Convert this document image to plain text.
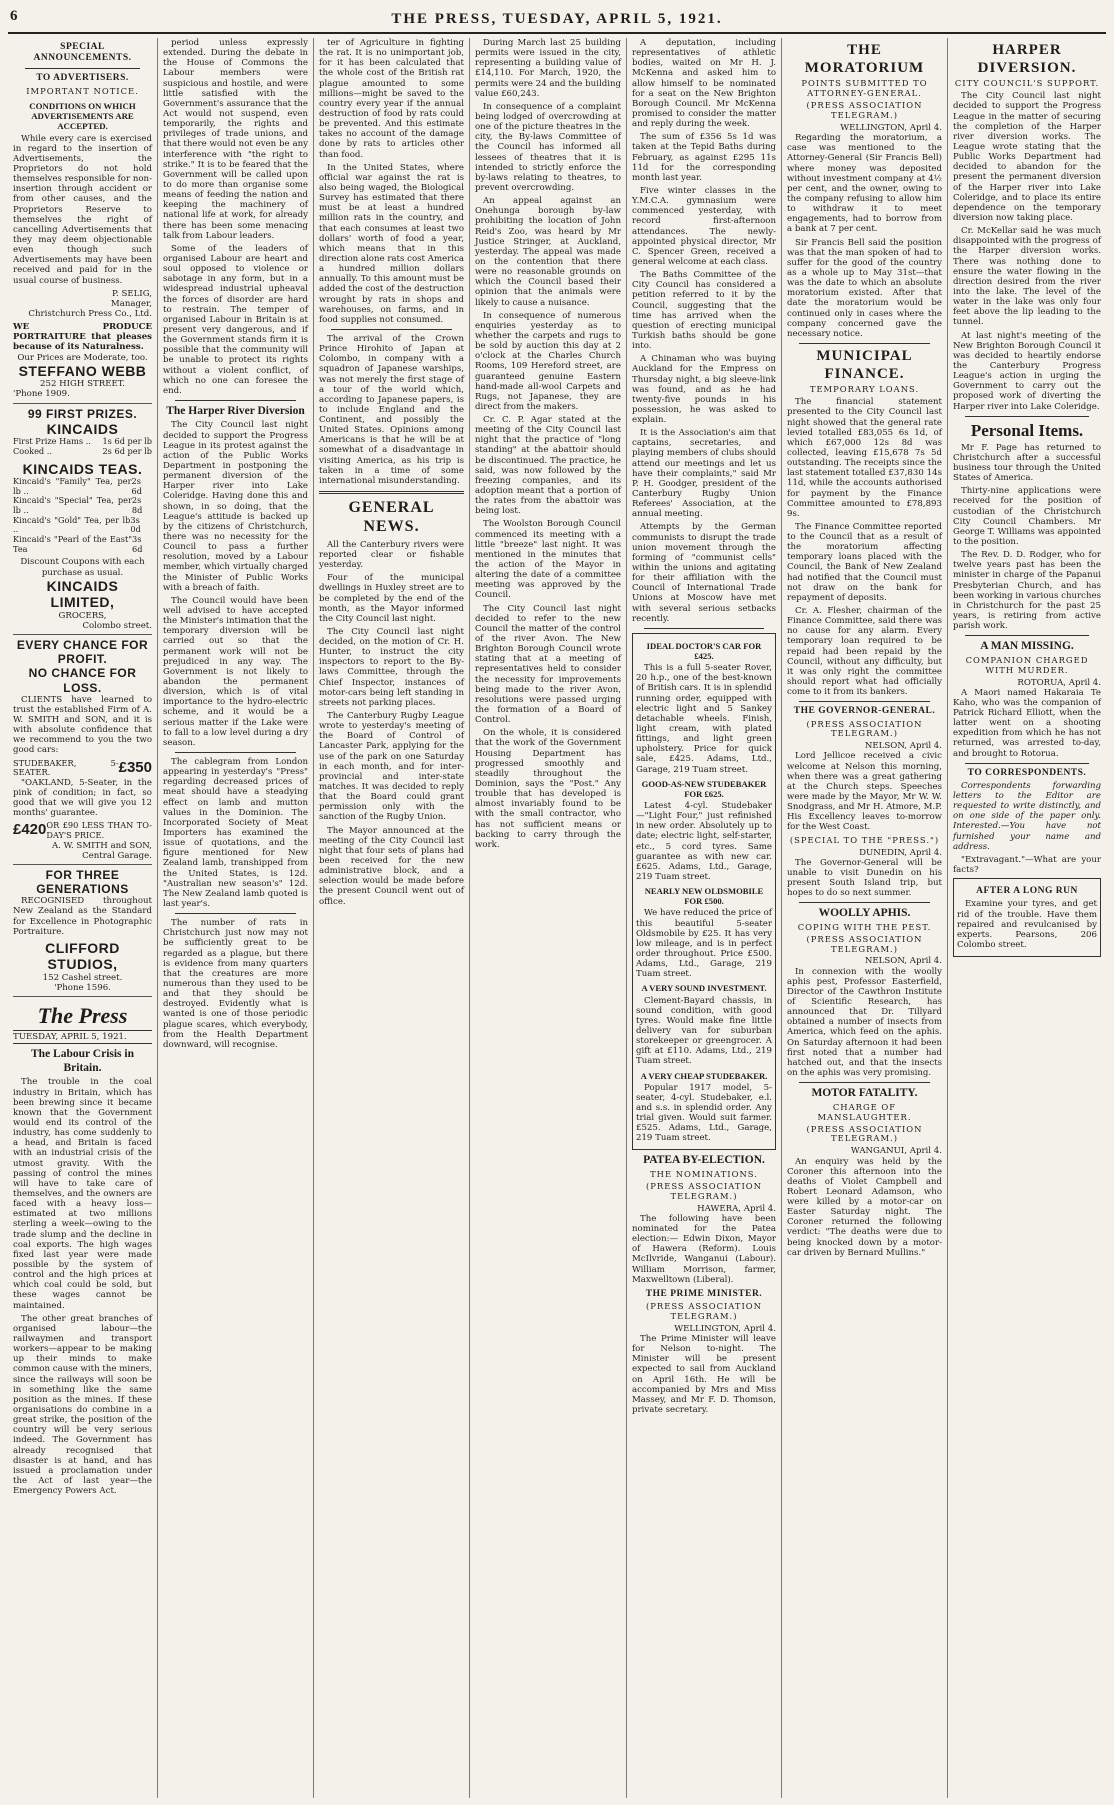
6	THE PRESS, TUESDAY, APRIL 5, 1921.
SPECIAL ANNOUNCEMENTS.
TO ADVERTISERS.
IMPORTANT NOTICE.
CONDITIONS ON WHICH ADVERTISEMENTS ARE ACCEPTED.

While every care is exercised in regard to the insertion of Advertisements, the Proprietors do not hold themselves responsible for non-insertion through accident or from other causes, and the Proprietors Reserve to themselves the right of cancelling Advertisements that they may deem objectionable even though such Advertisements may have been received and paid for in the usual course of business.

P. SELIG,
Manager,
Christchurch Press Co., Ltd.
WE PRODUCE PORTRAITURE that pleases because of its Naturalness.
Our Prices are Moderate, too.
STEFFANO WEBB
252 HIGH STREET.
'Phone 1909.
99 FIRST PRIZES.
KINCAIDS
First Prize Hams .. 1s 6d per lb
Cooked ..	2s 6d per lb
KINCAIDS TEAS.
Kincaid's "Family" Tea, per lb ..
2s 6d
Kincaid's "Special" Tea, per lb ..
2s 8d
Kincaid's "Gold" Tea, per lb ..
3s 0d
Kincaid's "Pearl of the East" Tea
3s 6d
Discount Coupons with each purchase as usual.
KINCAIDS LIMITED,
GROCERS,
Colombo street.
EVERY CHANCE FOR PROFIT.
NO CHANCE FOR LOSS.

CLIENTS have learned to trust the established Firm of A. W. SMITH and SON, and it is with absolute confidence that we recommend to you the two good cars:

STUDEBAKER, 5-SEATER.	£350

"OAKLAND, 5-Seater, in the pink of condition; in fact, so good that we will give you 12 months' guarantee.

£420 OR £90 LESS THAN TO-DAY'S PRICE.
A. W. SMITH and SON,
Central Garage.
FOR THREE GENERATIONS

RECOGNISED throughout New Zealand as the Standard for Excellence in Photographic Portraiture.

CLIFFORD STUDIOS,
152 Cashel street.
'Phone 1596.
The Press
TUESDAY, APRIL 5, 1921.
The Labour Crisis in Britain.

The trouble in the coal industry in Britain, which has been brewing since it became known that the Government would end its control of the industry, has come suddenly to a head, and Britain is faced with an industrial crisis of the utmost gravity. With the passing of control the mines will have to take care of themselves, and the owners are faced with a heavy loss—estimated at two millions sterling a week—owing to the trade slump and the decline in coal exports. The high wages fixed last year were made possible by the system of control and the high prices at which coal could be sold, but these wages cannot be maintained.

The other great branches of organised labour—the railwaymen and transport workers—appear to be making up their minds to make common cause with the miners, since the railways will soon be in something like the same position as the mines. If these organisations do combine in a great strike, the position of the country will be very serious indeed. The Government has already recognised that disaster is at hand, and has issued a proclamation under the Act of last year—the Emergency Powers Act.

period unless expressly extended. During the debate in the House of Commons the Labour members were suspicious and hostile, and were little satisfied with the Government's assurance that the Act would not suspend, even temporarily, the rights and privileges of trade unions, and that there would not even be any interference with "the right to strike." It is to be feared that the Government will be called upon to do more than organise some means of feeding the nation and keeping the machinery of national life at work, for already there has been some menacing talk from Labour leaders.

Some of the leaders of organised Labour are heart and soul opposed to violence or sabotage in any form, but in a widespread industrial upheaval the forces of disorder are hard to restrain. The temper of organised Labour in Britain is at present very dangerous, and if the Government stands firm it is possible that the community will be unable to protect its rights without a violent conflict, of which no one can foresee the end.

The Harper River Diversion

The City Council last night decided to support the Progress League in its protest against the action of the Public Works Department in postponing the permanent diversion of the Harper river into Lake Coleridge. Having done this and shown, in so doing, that the League's attitude is backed up by the citizens of Christchurch, there was no necessity for the Council to pass a further resolution, moved by a Labour member, which virtually charged the Minister of Public Works with a breach of faith.

The Council would have been well advised to have accepted the Minister's intimation that the temporary diversion will be carried out so that the permanent work will not be prejudiced in any way. The Government is not likely to abandon the permanent diversion, which is of vital importance to the hydro-electric scheme, and it would be a serious matter if the Lake were to fall to a low level during a dry season.

The cablegram from London appearing in yesterday's "Press" regarding decreased prices of meat should have a steadying effect on lamb and mutton values in the Dominion. The Incorporated Society of Meat Importers has examined the issue of quotations, and the figure mentioned for New Zealand lamb, transhipped from the United States, is 12d. "Australian new season's" 12d. The New Zealand lamb quoted is last year's.

The number of rats in Christchurch just now may not be sufficiently great to be regarded as a plague, but there is evidence from many quarters that the creatures are more numerous than they used to be and that they should be destroyed. Evidently what is wanted is one of those periodic plague scares, which everybody, from the Health Department downward, will recognise.

ter of Agriculture in fighting the rat. It is no unimportant job, for it has been calculated that the whole cost of the British rat plague amounted to some millions—might be saved to the country every year if the annual destruction of food by rats could be prevented. And this estimate takes no account of the damage done by rats to articles other than food.

In the United States, where official war against the rat is also being waged, the Biological Survey has estimated that there must be at least a hundred million rats in the country, and that each consumes at least two dollars' worth of food a year, which means that in this direction alone rats cost America a hundred million dollars annually. To this amount must be added the cost of the destruction wrought by rats in shops and warehouses, on farms, and in food supplies not consumed.

The arrival of the Crown Prince Hirohito of Japan at Colombo, in company with a squadron of Japanese warships, was not merely the first stage of a tour of the world which, according to Japanese papers, is to include England and the Continent, and possibly the United States. Opinions among Americans is that he will be at somewhat of a disadvantage in visiting America, as his trip is taken in a time of some international misunderstanding.

GENERAL NEWS.

All the Canterbury rivers were reported clear or fishable yesterday.

Four of the municipal dwellings in Huxley street are to be completed by the end of the month, as the Mayor informed the City Council last night.

The City Council last night decided, on the motion of Cr. H. Hunter, to instruct the city inspectors to report to the By-laws Committee, through the Chief Inspector, instances of motor-cars being left standing in streets not parking places.

The Canterbury Rugby League wrote to yesterday's meeting of the Board of Control of Lancaster Park, applying for the use of the park on one Saturday in each month, and for inter-provincial and inter-state matches. It was decided to reply that the Board could grant permission only with the sanction of the Rugby Union.

The Mayor announced at the meeting of the City Council last night that four sets of plans had been received for the new administrative block, and a selection would be made before the present Council went out of office.

During March last 25 building permits were issued in the city, representing a building value of £14,110. For March, 1920, the permits were 24 and the building value £60,243.

In consequence of a complaint being lodged of overcrowding at one of the picture theatres in the city, the By-laws Committee of the Council has informed all lessees of theatres that it is intended to strictly enforce the by-laws relating to theatres, to prevent overcrowding.

An appeal against an Onehunga borough by-law prohibiting the location of John Reid's Zoo, was heard by Mr Justice Stringer, at Auckland, yesterday. The appeal was made on the contention that there were no reasonable grounds on which the Council based their opinion that the animals were likely to cause a nuisance.

In consequence of numerous enquiries yesterday as to whether the carpets and rugs to be sold by auction this day at 2 o'clock at the Charles Church Rooms, 109 Hereford street, are guaranteed genuine Eastern hand-made all-wool Carpets and Rugs, not Japanese, they are direct from the makers.

Cr. C. P. Agar stated at the meeting of the City Council last night that the practice of "long standing" at the abattoir should be discontinued. The practice, he said, was now followed by the freezing companies, and its adoption meant that a portion of the rates from the abattoir was being lost.

The Woolston Borough Council commenced its meeting with a little "breeze" last night. It was mentioned in the minutes that the action of the Mayor in altering the date of a committee meeting was approved by the Council.

The City Council last night decided to refer to the new Council the matter of the control of the river Avon. The New Brighton Borough Council wrote stating that at a meeting of representatives held to consider the necessity for improvements being made to the river Avon, resolutions were passed urging the formation of a Board of Control.

On the whole, it is considered that the work of the Government Housing Department has progressed smoothly and steadily throughout the Dominion, says the "Post." Any trouble that has developed is almost invariably found to be with the small contractor, who has not sufficient means or backing to carry through the work.

A deputation, including representatives of athletic bodies, waited on Mr H. J. McKenna and asked him to allow himself to be nominated for a seat on the New Brighton Borough Council. Mr McKenna promised to consider the matter and reply during the week.

The sum of £356 5s 1d was taken at the Tepid Baths during February, as against £295 11s 11d for the corresponding month last year.

Five winter classes in the Y.M.C.A. gymnasium were commenced yesterday, with record first-afternoon attendances. The newly-appointed physical director, Mr C. Spencer Green, received a general welcome at each class.

The Baths Committee of the City Council has considered a petition referred to it by the Council, suggesting that the time has arrived when the question of erecting municipal Turkish baths should be gone into.

A Chinaman who was buying Auckland for the Empress on Thursday night, a big sleeve-link was found, and as he had twenty-five pounds in his possession, he was asked to explain.

It is the Association's aim that captains, secretaries, and playing members of clubs should attend our meetings and let us have their complaints," said Mr P. H. Goodger, president of the Canterbury Rugby Union Referees' Association, at the annual meeting.

Attempts by the German communists to disrupt the trade union movement through the forming of "communist cells" within the unions and agitating for their affiliation with the Council of International Trade Unions at Moscow have met with several serious setbacks recently.

IDEAL DOCTOR'S CAR FOR £425.

This is a full 5-seater Rover, 20 h.p., one of the best-known of British cars. It is in splendid running order, equipped with electric light and 5 Sankey detachable wheels. Finish, light cream, with plated fittings, and light green upholstery. Price for quick sale, £425. Adams, Ltd., Garage, 219 Tuam street.

GOOD-AS-NEW STUDEBAKER FOR £625.

Latest 4-cyl. Studebaker—"Light Four," just refinished in new order. Absolutely up to date; electric light, self-starter, etc., 5 cord tyres. Same guarantee as with new car. £625. Adams, Ltd., Garage, 219 Tuam street.

NEARLY NEW OLDSMOBILE FOR £500.

We have reduced the price of this beautiful 5-seater Oldsmobile by £25. It has very low mileage, and is in perfect order throughout. Price £500. Adams, Ltd., Garage, 219 Tuam street.

A VERY SOUND INVESTMENT.

Clement-Bayard chassis, in sound condition, with good tyres. Would make fine little delivery van for suburban storekeeper or greengrocer. A gift at £110. Adams, Ltd., 219 Tuam street.

A VERY CHEAP STUDEBAKER.

Popular 1917 model, 5-seater, 4-cyl. Studebaker, e.l. and s.s. in splendid order. Any trial given. Would suit farmer. £525. Adams, Ltd., Garage, 219 Tuam street.

PATEA BY-ELECTION.
THE NOMINATIONS.
(PRESS ASSOCIATION TELEGRAM.)
HAWERA, April 4.

The following have been nominated for the Patea election:— Edwin Dixon, Mayor of Hawera (Reform). Louis McIlvride, Wanganui (Labour). William Morrison, farmer, Maxwelltown (Liberal).

THE PRIME MINISTER.
(PRESS ASSOCIATION TELEGRAM.)
WELLINGTON, April 4.

The Prime Minister will leave for Nelson to-night. The Minister will be present expected to sail from Auckland on April 16th. He will be accompanied by Mrs and Miss Massey, and Mr F. D. Thomson, private secretary.

THE MORATORIUM
POINTS SUBMITTED TO ATTORNEY-GENERAL.
(PRESS ASSOCIATION TELEGRAM.)
WELLINGTON, April 4.

Regarding the moratorium, a case was mentioned to the Attorney-General (Sir Francis Bell) where money was deposited without investment company at 4½ per cent, and the owner, owing to the company refusing to allow him to withdraw it to meet engagements, had to borrow from a bank at 7 per cent.

Sir Francis Bell said the position was that the man spoken of had to suffer for the good of the country as a whole up to May 31st—that was the date to which an absolute moratorium existed. After that date the moratorium would be continued only in cases where the company concerned gave the necessary notice.

MUNICIPAL FINANCE.
TEMPORARY LOANS.

The financial statement presented to the City Council last night showed that the general rate levied totalled £83,055 6s 1d, of which £67,000 12s 8d was collected, leaving £15,678 7s 5d outstanding. The receipts since the last statement totalled £37,830 14s 11d, while the accounts authorised for payment by the Finance Committee amounted to £78,893 9s.

The Finance Committee reported to the Council that as a result of the moratorium affecting temporary loans placed with the Council, the Bank of New Zealand had notified that the Council must not draw on the bank for repayment of deposits.

Cr. A. Flesher, chairman of the Finance Committee, said there was no cause for any alarm. Every temporary loan required to be repaid had been repaid by the Council, without any difficulty, but it was only right the committee should report what had officially come to it from its bankers.

THE GOVERNOR-GENERAL.
(PRESS ASSOCIATION TELEGRAM.)
NELSON, April 4.

Lord Jellicoe received a civic welcome at Nelson this morning, when there was a great gathering at the Church steps. Speeches were made by the Mayor, Mr W. W. Snodgrass, and Mr H. Atmore, M.P. His Excellency leaves to-morrow for the West Coast.

(SPECIAL TO THE "PRESS.")
DUNEDIN, April 4.

The Governor-General will be unable to visit Dunedin on his present South Island trip, but hopes to do so next summer.

WOOLLY APHIS.
COPING WITH THE PEST.
(PRESS ASSOCIATION TELEGRAM.)
NELSON, April 4.

In connexion with the woolly aphis pest, Professor Easterfield, Director of the Cawthron Institute of Scientific Research, has announced that Dr. Tillyard obtained a number of insects from America, which feed on the aphis. On Saturday afternoon it had been first noted that a number had hatched out, and that the insects on the aphis was very promising.

MOTOR FATALITY.
CHARGE OF MANSLAUGHTER.
(PRESS ASSOCIATION TELEGRAM.)
WANGANUI, April 4.

An enquiry was held by the Coroner this afternoon into the deaths of Violet Campbell and Robert Leonard Adamson, who were killed by a motor-car on Easter Saturday night. The Coroner returned the following verdict: "The deaths were due to being knocked down by a motor-car driven by Bernard Mullins."

HARPER DIVERSION.
CITY COUNCIL'S SUPPORT.

The City Council last night decided to support the Progress League in the matter of securing the completion of the Harper river diversion works. The League wrote stating that the Public Works Department had decided to abandon for the present the permanent diversion of the Harper river into Lake Coleridge, and to place its entire dependence on the temporary diversion now taking place.

Cr. McKellar said he was much disappointed with the progress of the Harper diversion works. There was nothing done to ensure the water flowing in the direction desired from the river into the lake. The level of the water in the lake was only four feet above the lip leading to the tunnel.

At last night's meeting of the New Brighton Borough Council it was decided to heartily endorse the Canterbury Progress League's action in urging the Government to carry out the proposed work of diverting the Harper river into Lake Coleridge.

Personal Items.

Mr F. Page has returned to Christchurch after a successful business tour through the United States of America.

Thirty-nine applications were received for the position of custodian of the Christchurch City Council Chambers. Mr George T. Williams was appointed to the position.

The Rev. D. D. Rodger, who for twelve years past has been the minister in charge of the Papanui Presbyterian Church, and has been working in various churches in Christchurch for the past 25 years, is retiring from active parish work.

A MAN MISSING.
COMPANION CHARGED WITH MURDER.
ROTORUA, April 4.

A Maori named Hakaraia Te Kaho, who was the companion of Patrick Richard Elliott, when the latter went on a shooting expedition from which he has not returned, was arrested to-day, and brought to Rotorua.

TO CORRESPONDENTS.

Correspondents forwarding letters to the Editor are requested to write distinctly, and on one side of the paper only. Interested.—You have not furnished your name and address.

"Extravagant."—What are your facts?

AFTER A LONG RUN

Examine your tyres, and get rid of the trouble. Have them repaired and revulcanised by experts. Pearsons, 206 Colombo street.
